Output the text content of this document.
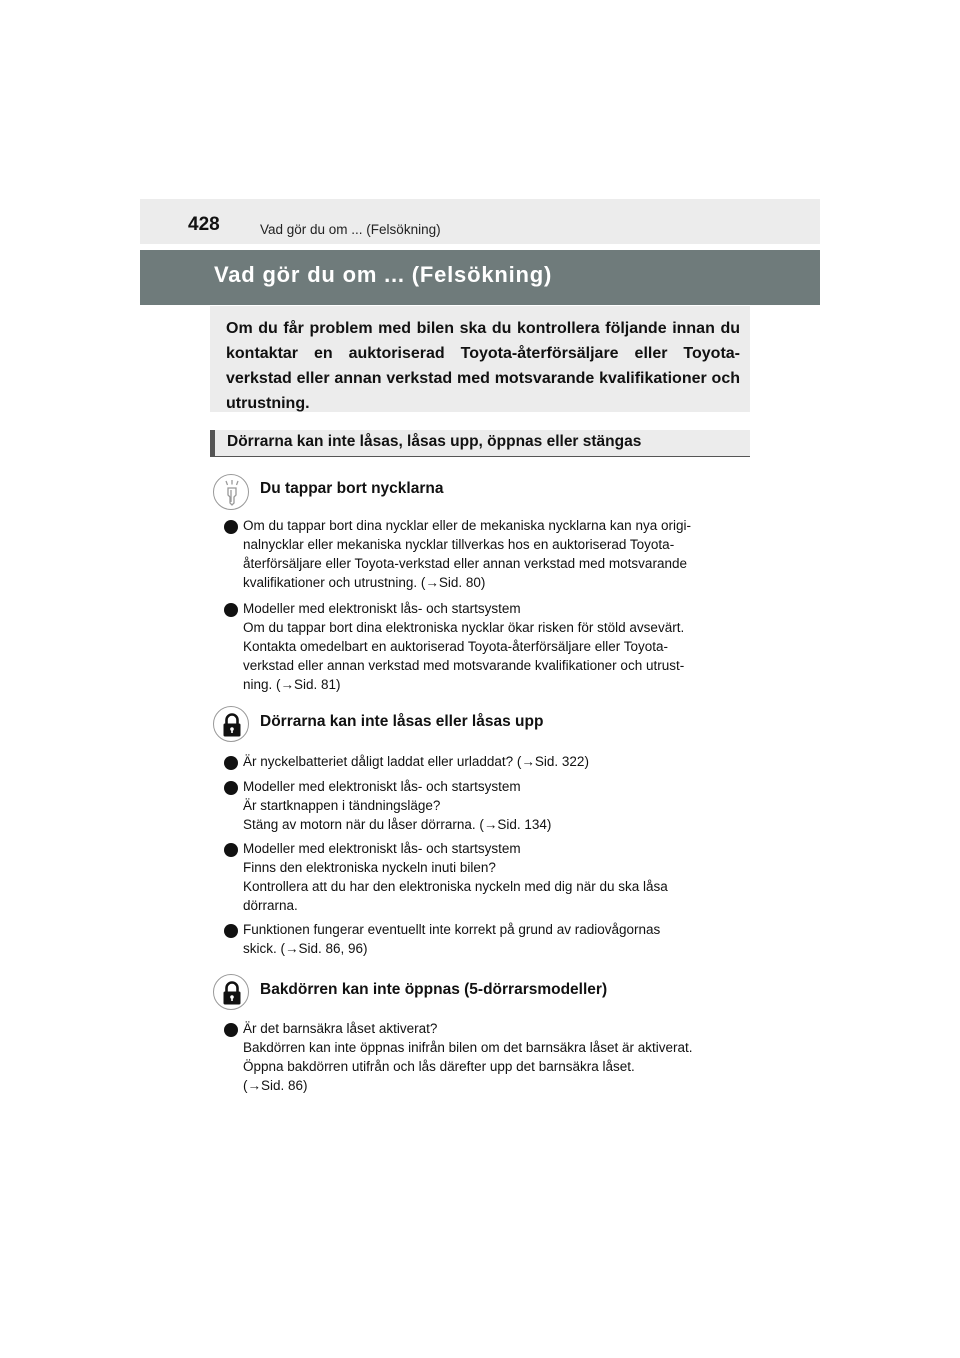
428	Vad gör du om ... (Felsökning)
Vad gör du om ... (Felsökning)
Om du får problem med bilen ska du kontrollera följande innan du kontaktar en auktoriserad Toyota-återförsäljare eller Toyota-verkstad eller annan verkstad med motsvarande kvalifikationer och utrustning.
Dörrarna kan inte låsas, låsas upp, öppnas eller stängas
Du tappar bort nycklarna
Om du tappar bort dina nycklar eller de mekaniska nycklarna kan nya origi-
nalnycklar eller mekaniska nycklar tillverkas hos en auktoriserad Toyota-
återförsäljare eller Toyota-verkstad eller annan verkstad med motsvarande
kvalifikationer och utrustning. (→Sid. 80)
Modeller med elektroniskt lås- och startsystem
Om du tappar bort dina elektroniska nycklar ökar risken för stöld avsevärt.
Kontakta omedelbart en auktoriserad Toyota-återförsäljare eller Toyota-
verkstad eller annan verkstad med motsvarande kvalifikationer och utrust-
ning. (→Sid. 81)
Dörrarna kan inte låsas eller låsas upp
Är nyckelbatteriet dåligt laddat eller urladdat? (→Sid. 322)
Modeller med elektroniskt lås- och startsystem
Är startknappen i tändningsläge?
Stäng av motorn när du låser dörrarna. (→Sid. 134)
Modeller med elektroniskt lås- och startsystem
Finns den elektroniska nyckeln inuti bilen?
Kontrollera att du har den elektroniska nyckeln med dig när du ska låsa
dörrarna.
Funktionen fungerar eventuellt inte korrekt på grund av radiovågornas
skick. (→Sid. 86, 96)
Bakdörren kan inte öppnas (5-dörrarsmodeller)
Är det barnsäkra låset aktiverat?
Bakdörren kan inte öppnas inifrån bilen om det barnsäkra låset är aktiverat.
Öppna bakdörren utifrån och lås därefter upp det barnsäkra låset.
(→Sid. 86)
